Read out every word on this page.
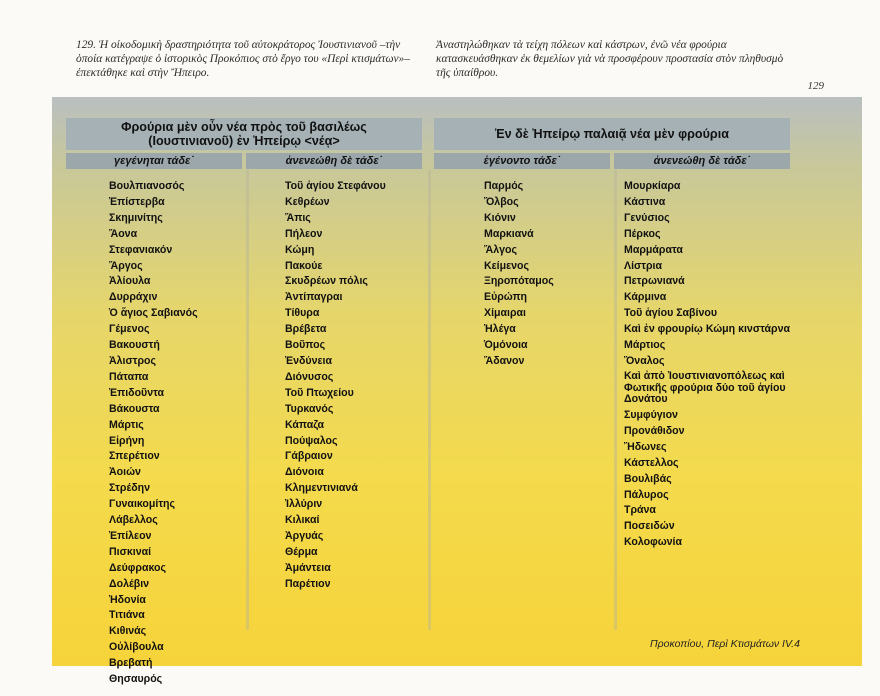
129. Ἡ οἰκοδομικὴ δραστηριότητα τοῦ αὐτοκράτορος Ἰουστινιανοῦ –τὴν ὁποία κατέγραψε ὁ ἱστορικὸς Προκόπιος στὸ ἔργο του «Περὶ κτισμάτων»– ἐπεκτάθηκε καὶ στὴν Ἤπειρο.
Ἀναστηλώθηκαν τὰ τείχη πόλεων καὶ κάστρων, ἐνῶ νέα φρούρια κατασκευάσθηκαν ἐκ θεμελίων γιὰ νὰ προσφέρουν προστασία στὸν πληθυσμὸ τῆς ὑπαίθρου.
129
Φρούρια μὲν οὖν νέα πρὸς τοῦ βασιλέως
(Ιουστινιανοῦ) ἐν Ἠπείρῳ <νέᾳ>
γεγένηται τάδε˙	ἀνενεώθη δὲ τάδε˙
Ἐν δὲ Ἠπείρῳ παλαιᾷ νέα μὲν φρούρια
ἐγένοντο τάδε˙	ἀνενεώθη δὲ τάδε˙
Βουλπιανοσός
Ἐπίστερβα
Σκημινίτης
Ἄονα
Στεφανιακόν
Ἄργος
Ἀλίουλα
Δυρράχιν
Ὁ ἅγιος Σαβιανός
Γέμενος
Βακουστή
Ἀλιστρος
Πάταπα
Ἐπιδοῦντα
Βάκουστα
Μάρτις
Εἰρήνη
Σπερέτιον
Ἀοιών
Στρέδην
Γυναικομίτης
Λάβελλος
Ἐπίλεον
Πισκιναί
Δεύφρακος
Δολέβιν
Ἡδονία
Τιτιάνα
Κιθινάς
Οὐλίβουλα
Βρεβατή
Θησαυρός
Τοῦ ἁγίου Στεφάνου
Κεθρέων
Ἄπις
Πήλεον
Κώμη
Πακούε
Σκυδρέων πόλις
Ἀντίπαγραι
Τίθυρα
Βρέβετα
Βοῦπος
Ἐνδύνεια
Διόνυσος
Τοῦ Πτωχείου
Τυρκανός
Κάπαζα
Πούψαλος
Γάβραιον
Διόνοια
Κλημεντινιανά
Ἰλλύριν
Κιλικαί
Ἀργυάς
Θέρμα
Ἀμάντεια
Παρέτιον
Παρμός
Ὄλβος
Κιόνιν
Μαρκιανά
Ἄλγος
Κείμενος
Ξηροπόταμος
Εὐρώπη
Χίμαιραι
Ἠλέγα
Ὁμόνοια
Ἄδανον
Μουρκίαρα
Κάστινα
Γενύσιος
Πέρκος
Μαρμάρατα
Λίστρια
Πετρωνιανά
Κάρμινα
Τοῦ ἁγίου Σαβίνου
Καὶ ἐν φρουρίῳ Κώμη κινστάρνα
Μάρτιος
Ὄναλος
Καὶ ἀπὸ Ἰουστινιανοπόλεως καὶ Φωτικῆς φρούρια δύο τοῦ ἁγίου Δονάτου
Συμφύγιον
Προνάθιδον
Ἤδωνες
Κάστελλος
Βουλιβάς
Πάλυρος
Τράνα
Ποσειδών
Κολοφωνία
Προκοπίου, Περὶ Κτισμάτων IV.4
